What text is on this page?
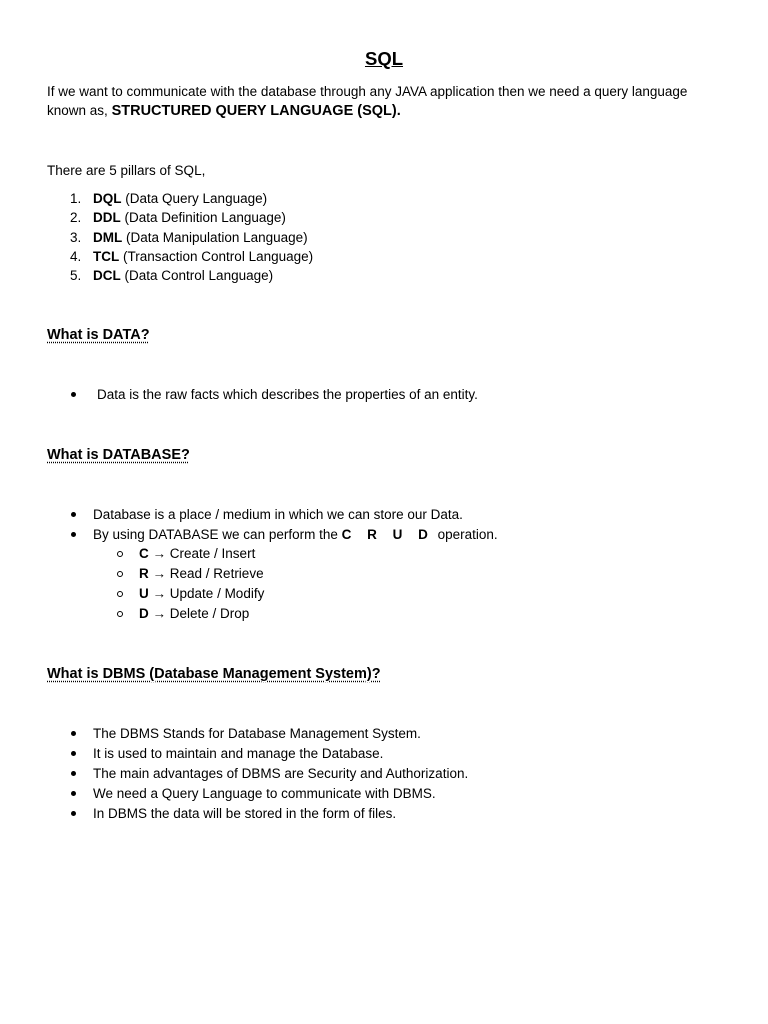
SQL
If we want to communicate with the database through any JAVA application then we need a query language
known as, STRUCTURED QUERY LANGUAGE (SQL).
There are 5 pillars of SQL,
1. DQL (Data Query Language)
2. DDL (Data Definition Language)
3. DML (Data Manipulation Language)
4. TCL (Transaction Control Language)
5. DCL (Data Control Language)
What is DATA?
Data is the raw facts which describes the properties of an entity.
What is DATABASE?
Database is a place / medium in which we can store our Data.
By using DATABASE we can perform the C R U D operation.
C → Create / Insert
R → Read / Retrieve
U → Update / Modify
D → Delete / Drop
What is DBMS (Database Management System)?
The DBMS Stands for Database Management System.
It is used to maintain and manage the Database.
The main advantages of DBMS are Security and Authorization.
We need a Query Language to communicate with DBMS.
In DBMS the data will be stored in the form of files.
